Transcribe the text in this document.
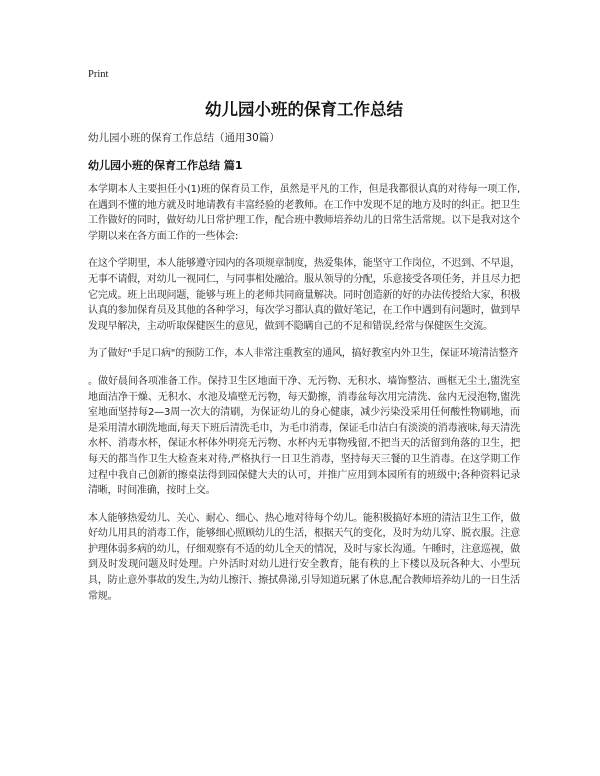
Print
幼儿园小班的保育工作总结

幼儿园小班的保育工作总结（通用30篇）

幼儿园小班的保育工作总结 篇1

本学期本人主要担任小(1)班的保育员工作，虽然是平凡的工作，但是我都很认真的对待每一项工作,在遇到不懂的地方就及时地请教有丰富经验的老教师。在工作中发现不足的地方及时的纠正。把卫生工作做好的同时，做好幼儿日常护理工作，配合班中教师培养幼儿的日常生活常规。以下是我对这个学期以来在各方面工作的一些体会:

在这个学期里，本人能够遵守园内的各项规章制度，热爱集体，能坚守工作岗位，不迟到、不早退，无事不请假，对幼儿一视同仁，与同事相处融洽。服从领导的分配，乐意接受各项任务，并且尽力把它完成。班上出现问题，能够与班上的老师共同商量解决。同时创造新的好的办法传授给大家，积极认真的参加保育员及其他的各种学习，每次学习都认真的做好笔记，在工作中遇到有问题时，做到早发现早解决，主动听取保健医生的意见，做到不隐瞒自己的不足和错误,经常与保健医生交流。

为了做好"手足口病"的预防工作，本人非常注重教室的通风，搞好教室内外卫生，保证环境清洁整齐

。做好晨间各项准备工作。保持卫生区地面干净、无污物、无积水、墙饰整洁、画框无尘土,盥洗室地面洁净干燥、无积水、水池及墙壁无污物，每天勤擦，消毒盆每次用完清洗、盆内无浸泡物,盥洗室地面坚持每2—3周一次大的清刷，为保证幼儿的身心健康，减少污染没采用任何酸性物刷地，而是采用清水刷洗地面,每天下班后清洗毛巾，为毛巾消毒，保证毛巾洁白有淡淡的消毒液味,每天清洗水杯、消毒水杯，保证水杯体外明亮无污物、水杯内无事物残留,不把当天的活留到角落的卫生，把每天的都当作卫生大检查来对待,严格执行一日卫生消毒，坚持每天三餐的卫生消毒。在这学期工作过程中我自己创新的擦桌法得到园保健大夫的认可，并推广应用到本园所有的班级中;各种资料记录清晰，时间准确，按时上交。

本人能够热爱幼儿、关心、耐心、细心、热心地对待每个幼儿。能积极搞好本班的清洁卫生工作，做好幼儿用具的消毒工作，能够细心照顾幼儿的生活，根据天气的变化，及时为幼儿穿、脱衣服。注意护理体弱多病的幼儿，仔细观察有不适的幼儿全天的情况，及时与家长沟通。午睡时，注意巡视，做到及时发现问题及时处理。户外活时对幼儿进行安全教育，能有秩的上下楼以及玩各种大、小型玩具，防止意外事故的发生,为幼儿擦汗、擦拭鼻涕,引导知道玩累了休息,配合教师培养幼儿的一日生活常规。
